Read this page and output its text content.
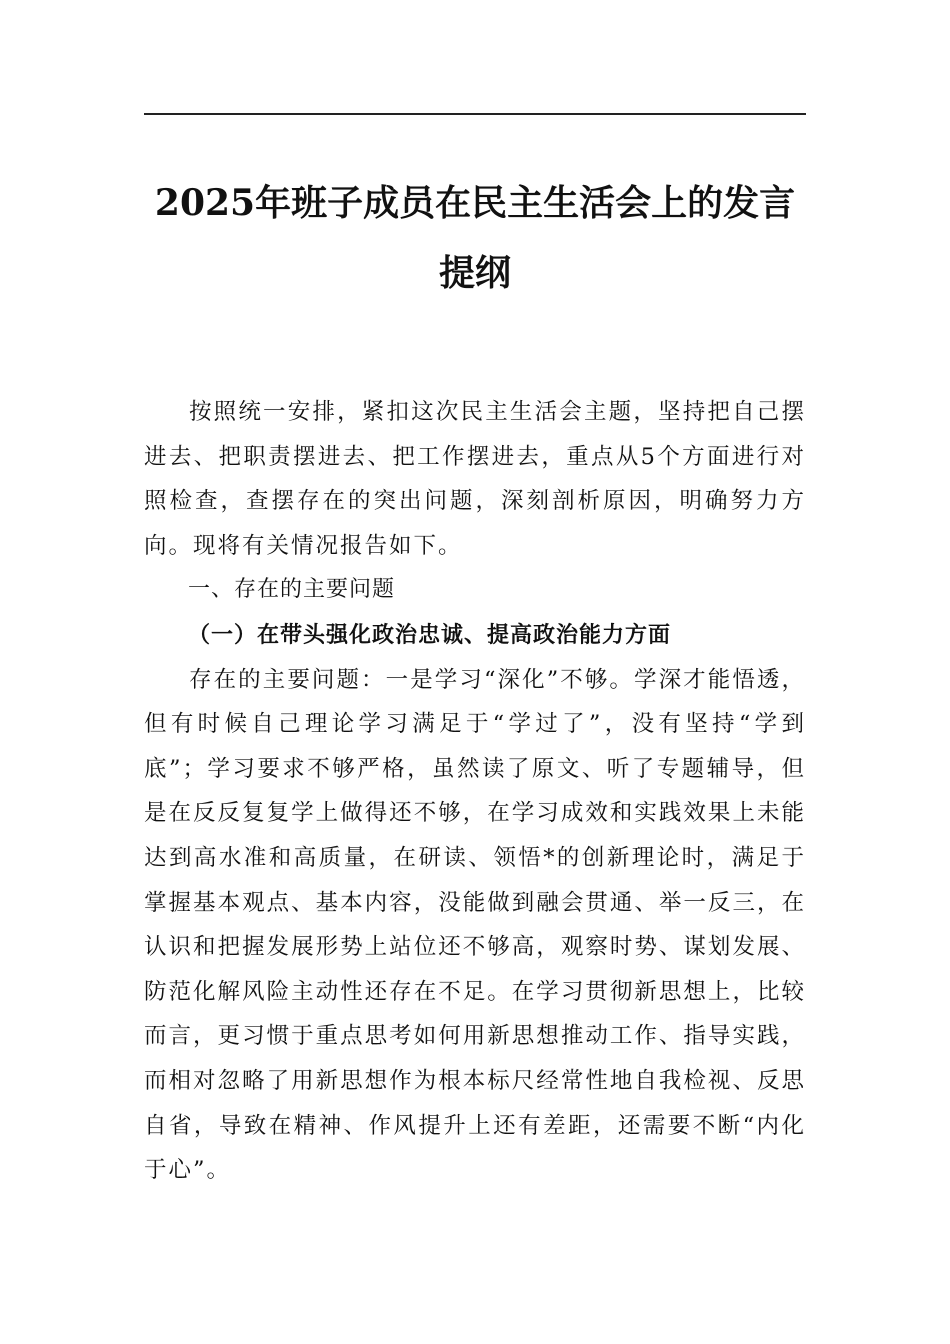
2025年班子成员在民主生活会上的发言提纲

按照统一安排，紧扣这次民主生活会主题，坚持把自己摆进去、把职责摆进去、把工作摆进去，重点从5个方面进行对照检查，查摆存在的突出问题，深刻剖析原因，明确努力方向。现将有关情况报告如下。

一、存在的主要问题

（一）在带头强化政治忠诚、提高政治能力方面

存在的主要问题：一是学习“深化”不够。学深才能悟透，但有时候自己理论学习满足于“学过了”，没有坚持“学到底”；学习要求不够严格，虽然读了原文、听了专题辅导，但是在反反复复学上做得还不够，在学习成效和实践效果上未能达到高水准和高质量，在研读、领悟*的创新理论时，满足于掌握基本观点、基本内容，没能做到融会贯通、举一反三，在认识和把握发展形势上站位还不够高，观察时势、谋划发展、防范化解风险主动性还存在不足。在学习贯彻新思想上，比较而言，更习惯于重点思考如何用新思想推动工作、指导实践，而相对忽略了用新思想作为根本标尺经常性地自我检视、反思自省，导致在精神、作风提升上还有差距，还需要不断“内化于心”。
